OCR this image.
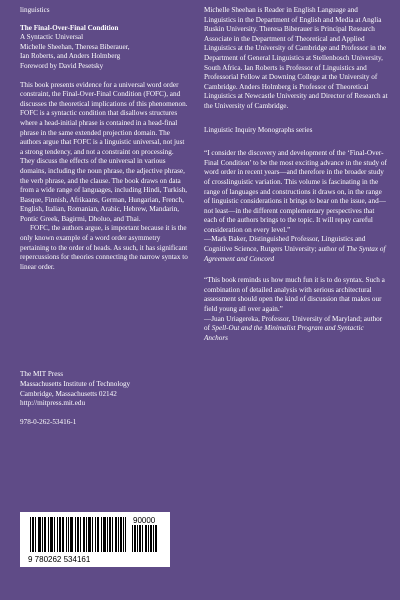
linguistics

The Final-Over-Final Condition

A Syntactic Universal

Michelle Sheehan, Theresa Biberauer,

Ian Roberts, and Anders Holmberg

Foreword by David Pesetsky

This book presents evidence for a universal word order constraint, the Final-Over-Final Condition (FOFC), and discusses the theoretical implications of this phenomenon. FOFC is a syntactic condition that disallows structures where a head-initial phrase is contained in a head-final phrase in the same extended projection domain. The authors argue that FOFC is a linguistic universal, not just a strong tendency, and not a constraint on processing. They discuss the effects of the universal in various domains, including the noun phrase, the adjective phrase, the verb phrase, and the clause. The book draws on data from a wide range of languages, including Hindi, Turkish, Basque, Finnish, Afrikaans, German, Hungarian, French, English, Italian, Romanian, Arabic, Hebrew, Mandarin, Pontic Greek, Bagirmi, Dholuo, and Thai.

FOFC, the authors argue, is important because it is the only known example of a word order asymmetry pertaining to the order of heads. As such, it has significant repercussions for theories connecting the narrow syntax to linear order.

The MIT Press

Massachusetts Institute of Technology

Cambridge, Massachusetts 02142

http://mitpress.mit.edu

978-0-262-53416-1

9 780262 534161
90000

Michelle Sheehan is Reader in English Language and Linguistics in the Department of English and Media at Anglia Ruskin University. Theresa Biberauer is Principal Research Associate in the Department of Theoretical and Applied Linguistics at the University of Cambridge and Professor in the Department of General Linguistics at Stellenbosch University, South Africa. Ian Roberts is Professor of Linguistics and Professorial Fellow at Downing College at the University of Cambridge. Anders Holmberg is Professor of Theoretical Linguistics at Newcastle University and Director of Research at the University of Cambridge.

Linguistic Inquiry Monographs series

“I consider the discovery and development of the ‘Final-Over-Final Condition’ to be the most exciting advance in the study of word order in recent years—and therefore in the broader study of crosslinguistic variation. This volume is fascinating in the range of languages and constructions it draws on, in the range of linguistic considerations it brings to bear on the issue, and—not least—in the different complementary perspectives that each of the authors brings to the topic. It will repay careful consideration on every level.”

—Mark Baker, Distinguished Professor, Linguistics and Cognitive Science, Rutgers University; author of The Syntax of Agreement and Concord

“This book reminds us how much fun it is to do syntax. Such a combination of detailed analysis with serious architectural assessment should open the kind of discussion that makes our field young all over again.”

—Juan Uriagereka, Professor, University of Maryland; author of Spell-Out and the Minimalist Program and Syntactic Anchors
